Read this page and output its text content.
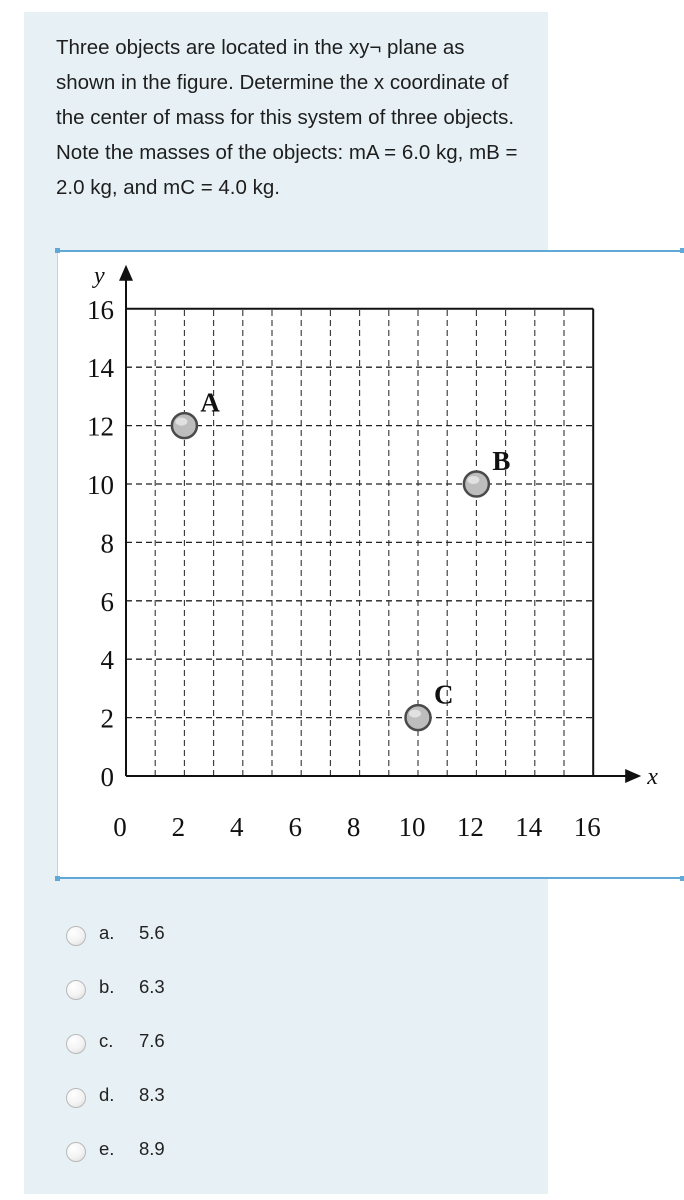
Three objects are located in the xy¬ plane as shown in the figure. Determine the x coordinate of the center of mass for this system of three objects. Note the masses of the objects: mA = 6.0 kg, mB = 2.0 kg, and mC = 4.0 kg.
y
x
0
2
4
6
8
10
12
14
16
0 2 4 6 8 10 12 14 16
A
B
C
a.	5.6
b.	6.3
c.	7.6
d.	8.3
e.	8.9
